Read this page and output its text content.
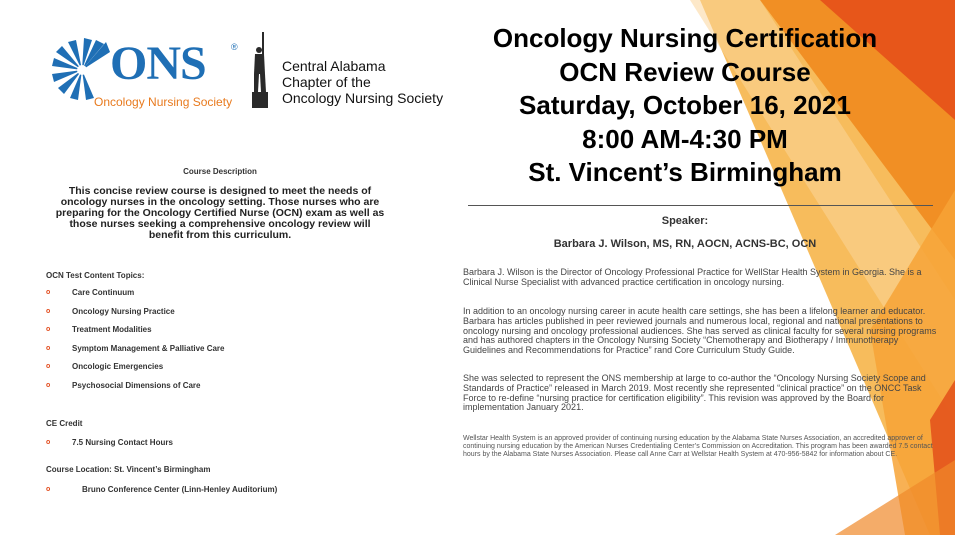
ONS	®
Oncology Nursing Society
Central Alabama
Chapter of the
Oncology Nursing Society
Course Description
This concise review course is designed to meet the needs of oncology nurses in the oncology setting. Those nurses who are preparing for the Oncology Certified Nurse (OCN) exam as well as those nurses seeking a comprehensive oncology review will benefit from this curriculum.
OCN Test Content Topics:
o	Care Continuum
o	Oncology Nursing Practice
o	Treatment Modalities
o	Symptom Management & Palliative Care
o	Oncologic Emergencies
o	Psychosocial Dimensions of Care
CE Credit
o	7.5 Nursing Contact Hours
Course Location: St. Vincent’s Birmingham
o	Bruno Conference Center (Linn-Henley Auditorium)
Oncology Nursing Certification
OCN Review Course
Saturday, October 16, 2021
8:00 AM-4:30 PM
St. Vincent’s Birmingham
Speaker:
Barbara J. Wilson, MS, RN, AOCN, ACNS-BC, OCN
Barbara J. Wilson is the Director of Oncology Professional Practice for WellStar Health System in Georgia. She is a Clinical Nurse Specialist with advanced practice certification in oncology nursing.
In addition to an oncology nursing career in acute health care settings, she has been a lifelong learner and educator. Barbara has articles published in peer reviewed journals and numerous local, regional and national presentations to oncology nursing and oncology professional audiences. She has served as clinical faculty for several nursing programs and has authored chapters in the Oncology Nursing Society “Chemotherapy and Biotherapy / Immunotherapy Guidelines and Recommendations for Practice” rand Core Curriculum Study Guide.
She was selected to represent the ONS membership at large to co-author the “Oncology Nursing Society Scope and Standards of Practice” released in March 2019. Most recently she represented “clinical practice” on the ONCC Task Force to re-define “nursing practice for certification eligibility”. This revision was approved by the Board for implementation January 2021.
Wellstar Health System is an approved provider of continuing nursing education by the Alabama State Nurses Association, an accredited approver of continuing nursing education by the American Nurses Credentialing Center’s Commission on Accreditation. This program has been awarded 7.5 contact hours by the Alabama State Nurses Association. Please call Anne Carr at Wellstar Health System at 470-956-5842 for information about CE.
